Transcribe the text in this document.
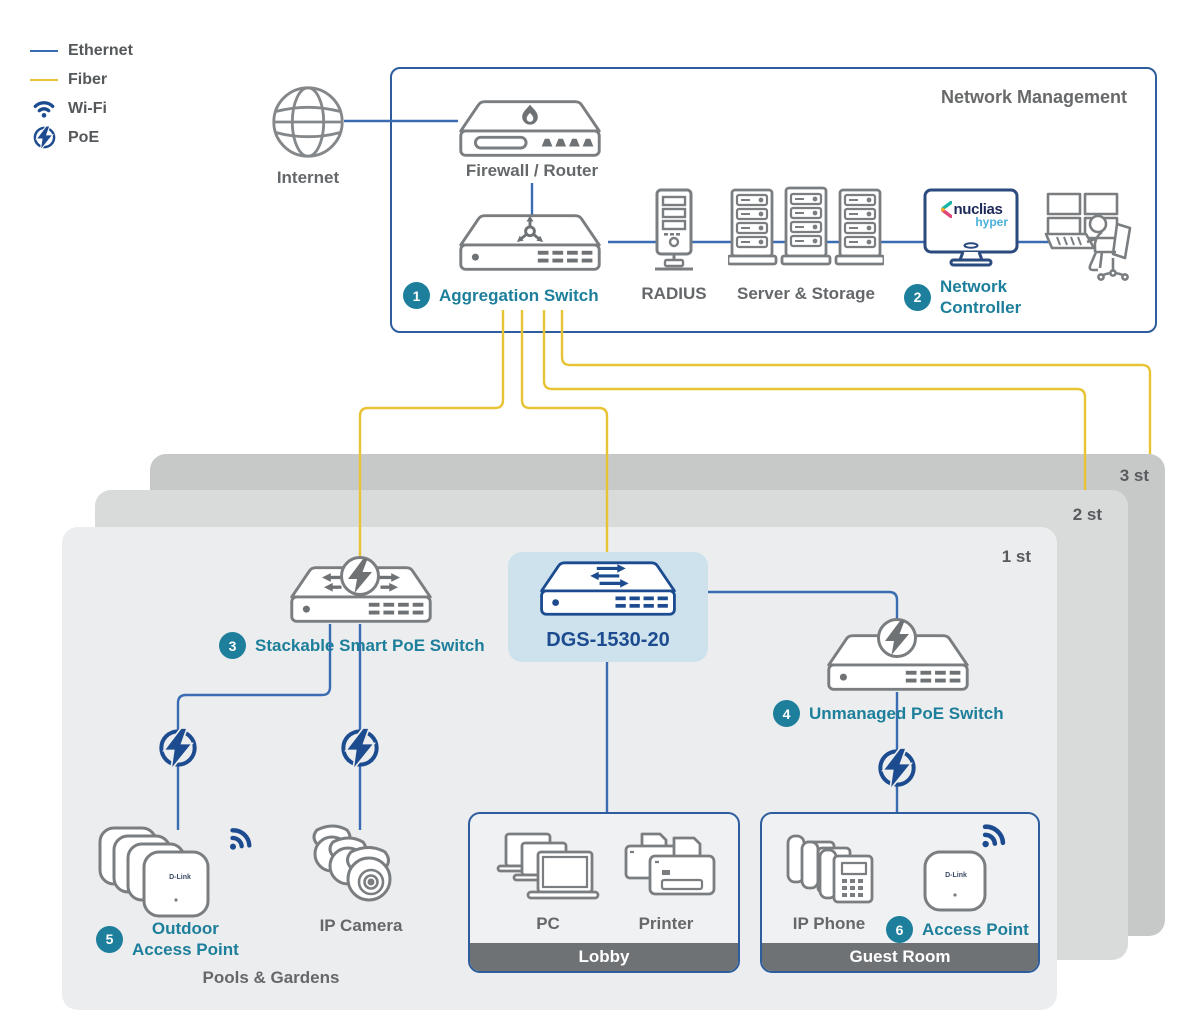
3 st
2 st
1 st
Network Management
Ethernet
Fiber
Wi-Fi
PoE
Internet	Firewall / Router
1	Aggregation Switch	RADIUS	Server & Storage
nuclias
hyper
2
Network
Controller
3	Stackable Smart PoE Switch	DGS-1530-20
4	Unmanaged PoE Switch
D-Link
5
Outdoor
Access Point
IP Camera
Pools & Gardens
PC	Printer
Lobby
D-Link
IP Phone	6	Access Point
Guest Room
